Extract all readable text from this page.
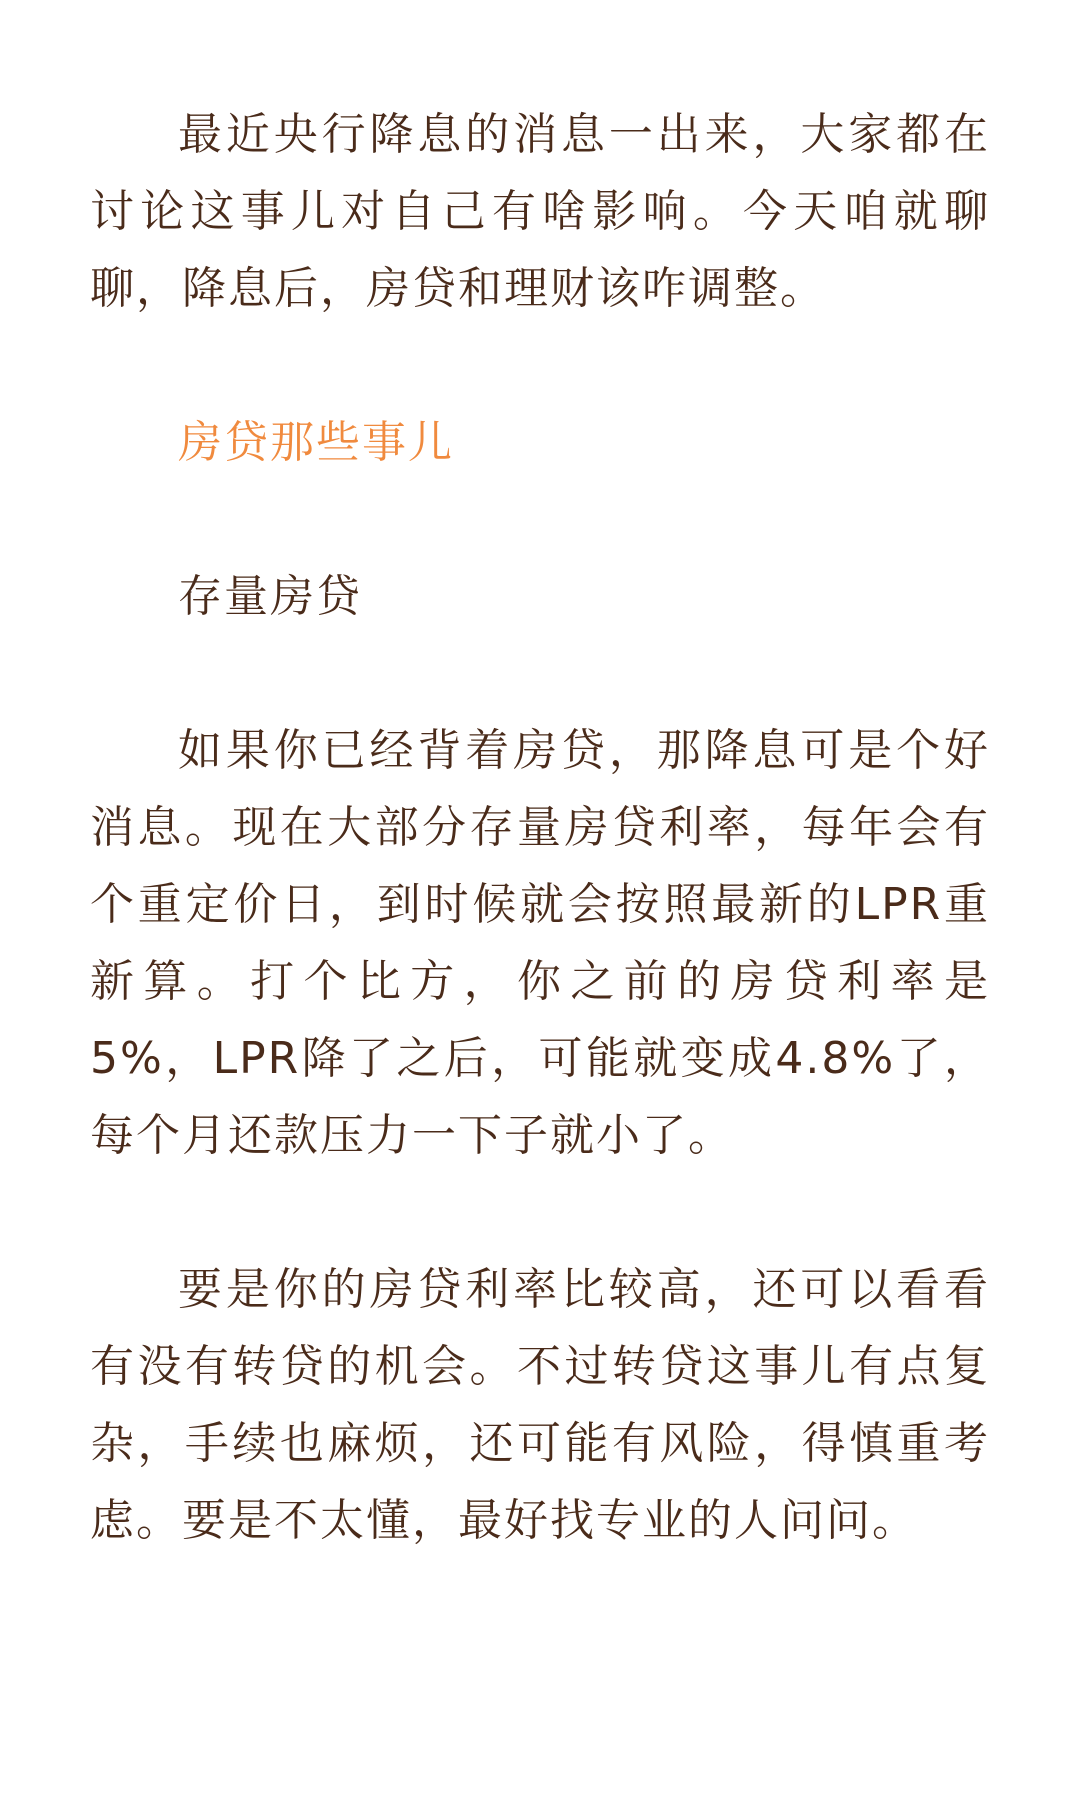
最近央行降息的消息一出来，大家都在讨论这事儿对自己有啥影响。今天咱就聊聊，降息后，房贷和理财该咋调整。

房贷那些事儿

存量房贷

如果你已经背着房贷，那降息可是个好消息。现在大部分存量房贷利率，每年会有个重定价日，到时候就会按照最新的LPR重新算。打个比方，你之前的房贷利率是5%，LPR降了之后，可能就变成4.8%了，每个月还款压力一下子就小了。

要是你的房贷利率比较高，还可以看看有没有转贷的机会。不过转贷这事儿有点复杂，手续也麻烦，还可能有风险，得慎重考虑。要是不太懂，最好找专业的人问问。
